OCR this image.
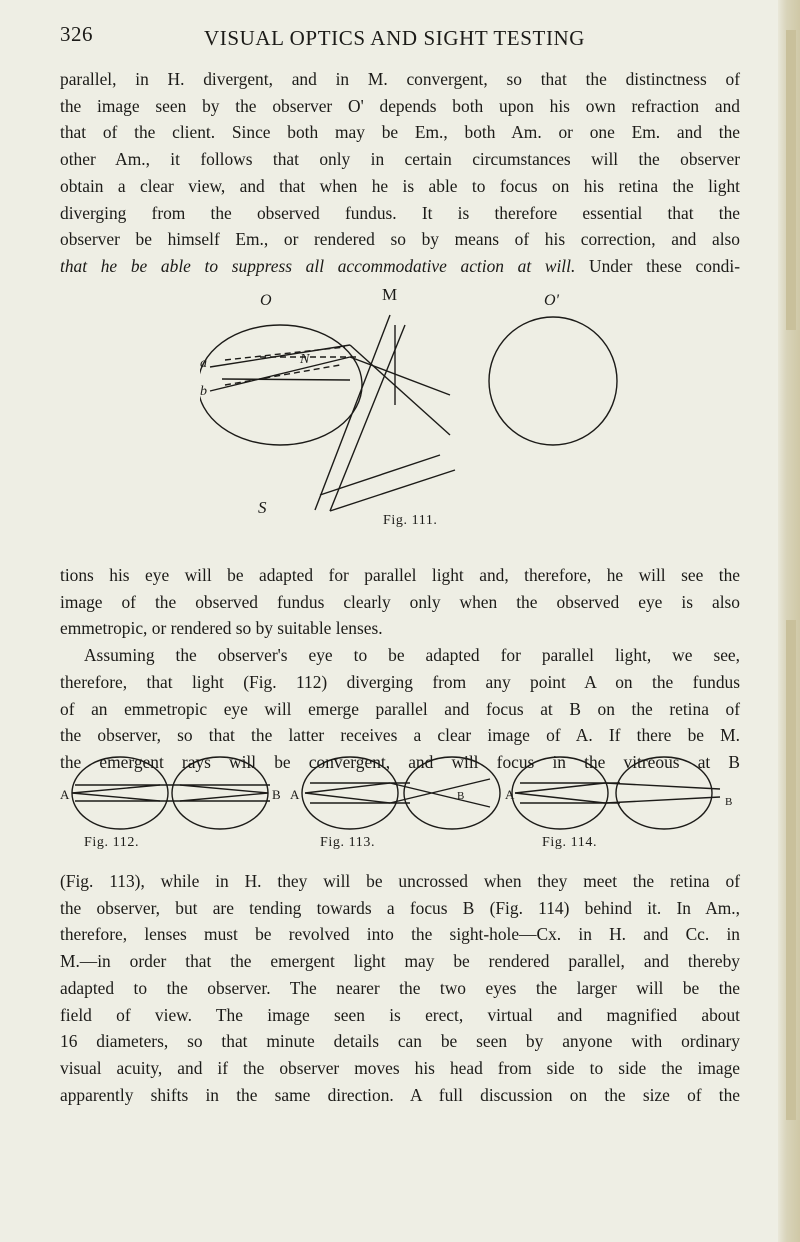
326	VISUAL OPTICS AND SIGHT TESTING

parallel, in H. divergent, and in M. convergent, so that the distinctness of
the image seen by the observer O' depends both upon his own refraction and
that of the client. Since both may be Em., both Am. or one Em. and the
other Am., it follows that only in certain circumstances will the observer
obtain a clear view, and that when he is able to focus on his retina the light
diverging from the observed fundus. It is therefore essential that the
observer be himself Em., or rendered so by means of his correction, and also
that he be able to suppress all accommodative action at will. Under these condi-

O	M	O'
a
b
N
S
Fig. 111.

tions his eye will be adapted for parallel light and, therefore, he will see the
image of the observed fundus clearly only when the observed eye is also
emmetropic, or rendered so by suitable lenses.
Assuming the observer's eye to be adapted for parallel light, we see,
therefore, that light (Fig. 112) diverging from any point A on the fundus
of an emmetropic eye will emerge parallel and focus at B on the retina of
the observer, so that the latter receives a clear image of A. If there be M.
the emergent rays will be convergent, and will focus in the vitreous at B

A	B A	B	A	B
Fig. 112.	Fig. 113.	Fig. 114.

(Fig. 113), while in H. they will be uncrossed when they meet the retina of
the observer, but are tending towards a focus B (Fig. 114) behind it. In Am.,
therefore, lenses must be revolved into the sight-hole—Cx. in H. and Cc. in
M.—in order that the emergent light may be rendered parallel, and thereby
adapted to the observer. The nearer the two eyes the larger will be the
field of view. The image seen is erect, virtual and magnified about
16 diameters, so that minute details can be seen by anyone with ordinary
visual acuity, and if the observer moves his head from side to side the image
apparently shifts in the same direction. A full discussion on the size of the
